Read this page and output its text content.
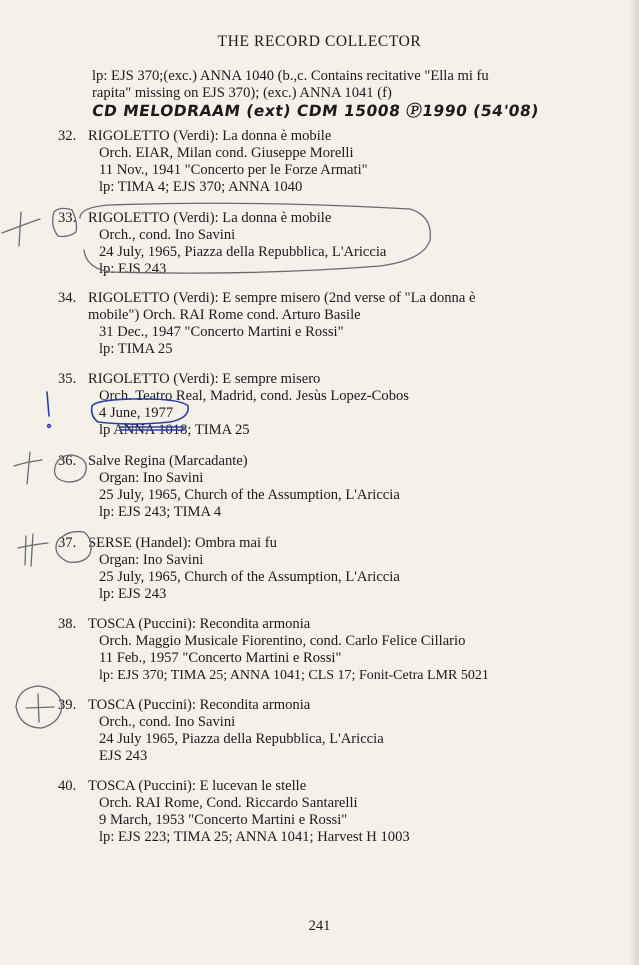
THE RECORD COLLECTOR
lp: EJS 370;(exc.) ANNA 1040 (b.,c. Contains recitative "Ella mi fu
rapita" missing on EJS 370); (exc.) ANNA 1041 (f)
CD MELODRAAM (ext) CDM 15008 Ⓟ1990 (54'08)
32. RIGOLETTO (Verdi): La donna è mobile
Orch. EIAR, Milan cond. Giuseppe Morelli
11 Nov., 1941 "Concerto per le Forze Armati"
lp: TIMA 4; EJS 370; ANNA 1040
33. RIGOLETTO (Verdi): La donna è mobile
Orch., cond. Ino Savini
24 July, 1965, Piazza della Repubblica, L'Ariccia
lp: EJS 243
34. RIGOLETTO (Verdi): E sempre misero (2nd verse of "La donna è
mobile") Orch. RAI Rome cond. Arturo Basile
31 Dec., 1947 "Concerto Martini e Rossi"
lp: TIMA 25
35. RIGOLETTO (Verdi): E sempre misero
Orch. Teatro Real, Madrid, cond. Jesùs Lopez-Cobos
4 June, 1977
lp ANNA 1018; TIMA 25
36. Salve Regina (Marcadante)
Organ: Ino Savini
25 July, 1965, Church of the Assumption, L'Ariccia
lp: EJS 243; TIMA 4
37. SERSE (Handel): Ombra mai fu
Organ: Ino Savini
25 July, 1965, Church of the Assumption, L'Ariccia
lp: EJS 243
38. TOSCA (Puccini): Recondita armonia
Orch. Maggio Musicale Fiorentino, cond. Carlo Felice Cillario
11 Feb., 1957 "Concerto Martini e Rossi"
lp: EJS 370; TIMA 25; ANNA 1041; CLS 17; Fonit-Cetra LMR 5021
39. TOSCA (Puccini): Recondita armonia
Orch., cond. Ino Savini
24 July 1965, Piazza della Repubblica, L'Ariccia
EJS 243
40. TOSCA (Puccini): E lucevan le stelle
Orch. RAI Rome, Cond. Riccardo Santarelli
9 March, 1953 "Concerto Martini e Rossi"
lp: EJS 223; TIMA 25; ANNA 1041; Harvest H 1003
241
